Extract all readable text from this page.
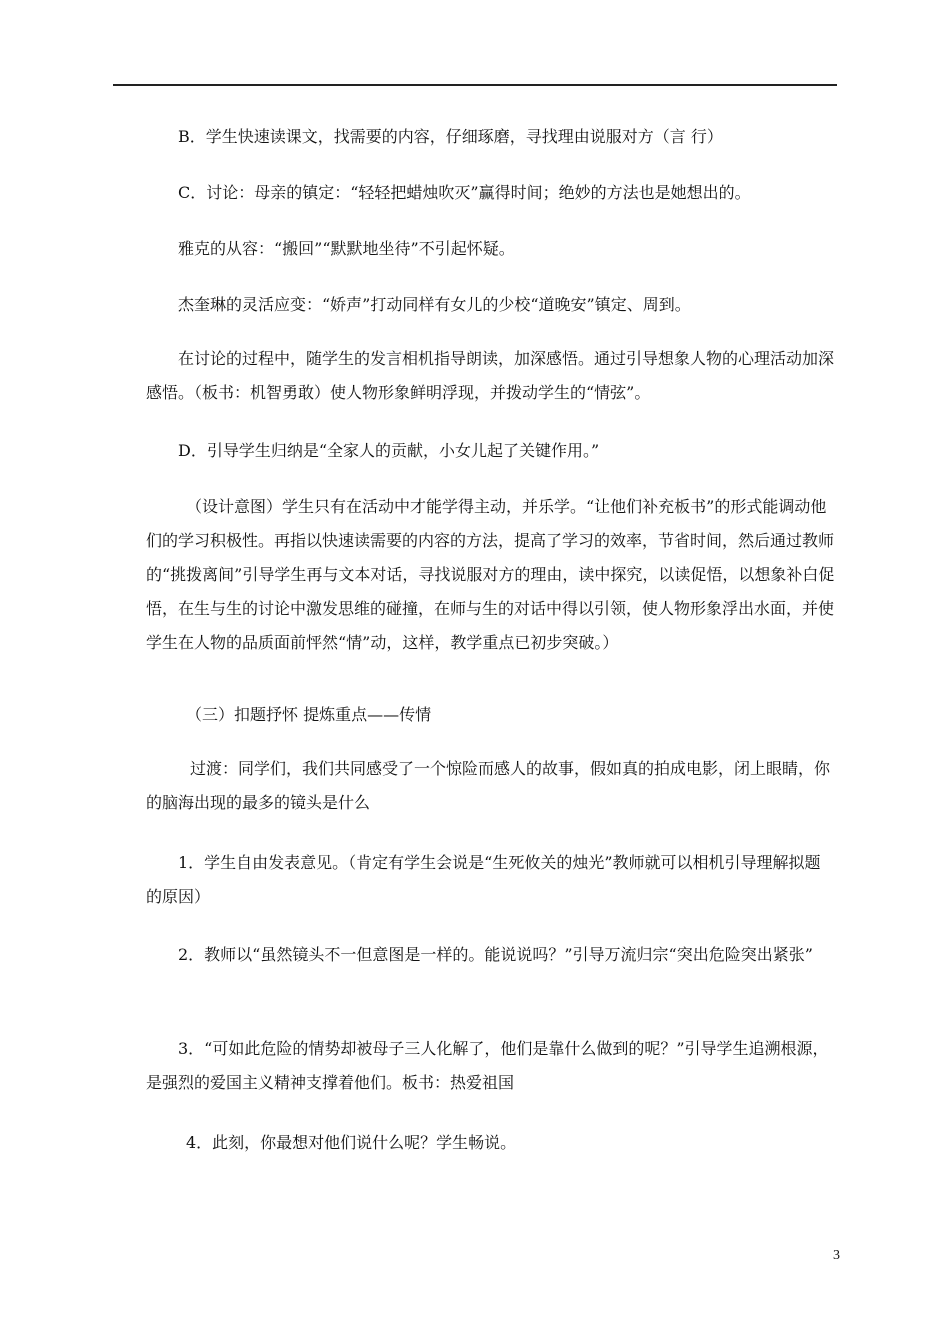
B．学生快速读课文，找需要的内容，仔细琢磨，寻找理由说服对方（言 行）

C．讨论：母亲的镇定：“轻轻把蜡烛吹灭”赢得时间；绝妙的方法也是她想出的。

雅克的从容：“搬回”“默默地坐待”不引起怀疑。

杰奎琳的灵活应变：“娇声”打动同样有女儿的少校“道晚安”镇定、周到。

在讨论的过程中，随学生的发言相机指导朗读，加深感悟。通过引导想象人物的心理活动加深感悟。（板书：机智勇敢）使人物形象鲜明浮现，并拨动学生的“情弦”。

D．引导学生归纳是“全家人的贡献，小女儿起了关键作用。”

（设计意图）学生只有在活动中才能学得主动，并乐学。“让他们补充板书”的形式能调动他们的学习积极性。再指以快速读需要的内容的方法，提高了学习的效率，节省时间，然后通过教师的“挑拨离间”引导学生再与文本对话，寻找说服对方的理由，读中探究，以读促悟，以想象补白促悟，在生与生的讨论中激发思维的碰撞，在师与生的对话中得以引领，使人物形象浮出水面，并使学生在人物的品质面前怦然“情”动，这样，教学重点已初步突破。）

（三）扣题抒怀 提炼重点——传情

过渡：同学们，我们共同感受了一个惊险而感人的故事，假如真的拍成电影，闭上眼睛，你的脑海出现的最多的镜头是什么

1．学生自由发表意见。（肯定有学生会说是“生死攸关的烛光”教师就可以相机引导理解拟题的原因）

2．教师以“虽然镜头不一但意图是一样的。能说说吗？”引导万流归宗“突出危险突出紧张”

3．“可如此危险的情势却被母子三人化解了，他们是靠什么做到的呢？”引导学生追溯根源，是强烈的爱国主义精神支撑着他们。板书：热爱祖国

4．此刻，你最想对他们说什么呢？学生畅说。

3
